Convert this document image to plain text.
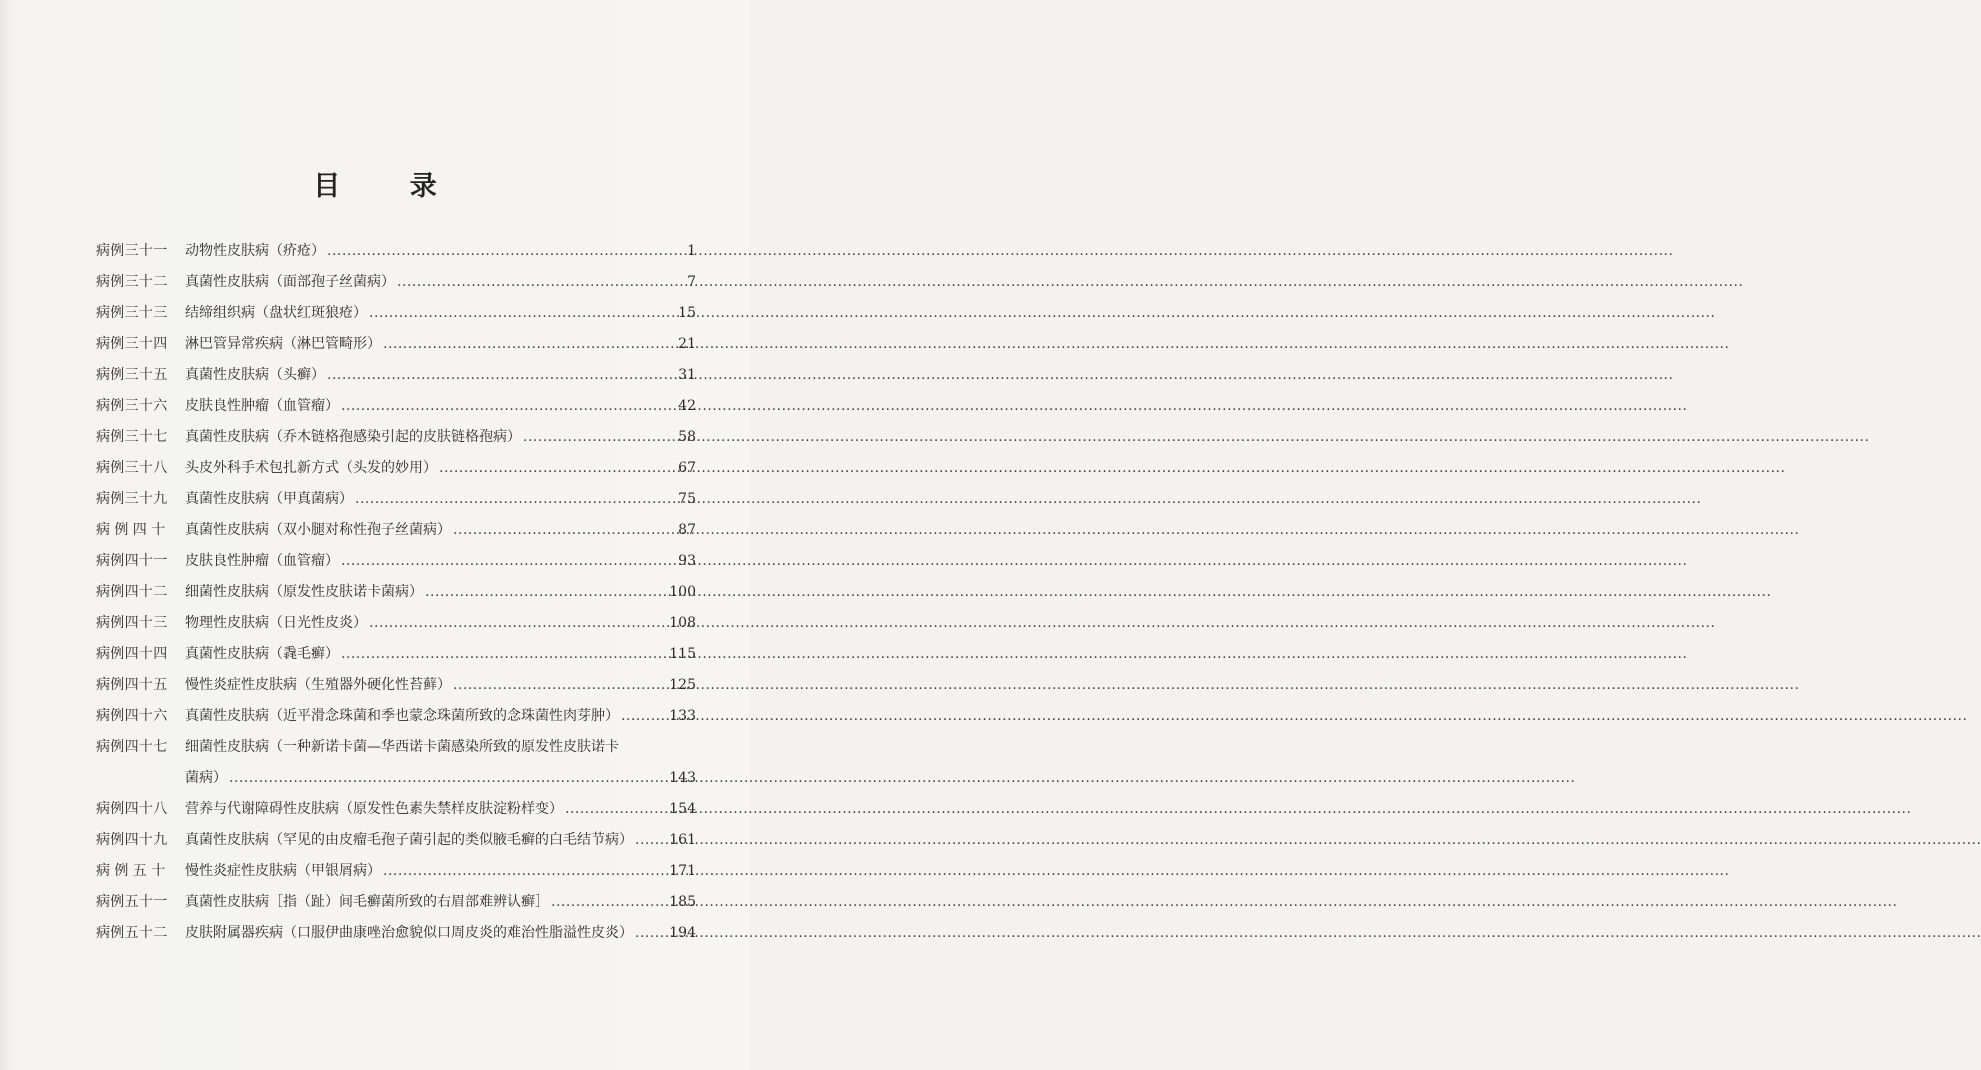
目 录
病例三十一	动物性皮肤病（疥疮） .....	1
病例三十二	真菌性皮肤病（面部孢子丝菌病） .....	7
病例三十三	结缔组织病（盘状红斑狼疮） .....	15
病例三十四	淋巴管异常疾病（淋巴管畸形） .....	21
病例三十五	真菌性皮肤病（头癣） .....	31
病例三十六	皮肤良性肿瘤（血管瘤） .....	42
病例三十七	真菌性皮肤病（乔木链格孢感染引起的皮肤链格孢病） .....	58
病例三十八	头皮外科手术包扎新方式（头发的妙用） .....	67
病例三十九	真菌性皮肤病（甲真菌病） .....	75
病例四十	真菌性皮肤病（双小腿对称性孢子丝菌病） .....	87
病例四十一	皮肤良性肿瘤（血管瘤） .....	93
病例四十二	细菌性皮肤病（原发性皮肤诺卡菌病） .....	100
病例四十三	物理性皮肤病（日光性皮炎） .....	108
病例四十四	真菌性皮肤病（毳毛癣） .....	115
病例四十五	慢性炎症性皮肤病（生殖器外硬化性苔藓） .....	125
病例四十六	真菌性皮肤病（近平滑念珠菌和季也蒙念珠菌所致的念珠菌性肉芽肿） .....	133
病例四十七	细菌性皮肤病（一种新诺卡菌—华西诺卡菌感染所致的原发性皮肤诺卡
菌病） .....	143
病例四十八	营养与代谢障碍性皮肤病（原发性色素失禁样皮肤淀粉样变） .....	154
病例四十九	真菌性皮肤病（罕见的由皮瘤毛孢子菌引起的类似腋毛癣的白毛结节病） .....	161
病例五十	慢性炎症性皮肤病（甲银屑病） .....	171
病例五十一	真菌性皮肤病［指（趾）间毛癣菌所致的右眉部难辨认癣］ .....	185
病例五十二	皮肤附属器疾病（口服伊曲康唑治愈貌似口周皮炎的难治性脂溢性皮炎） .....	194
